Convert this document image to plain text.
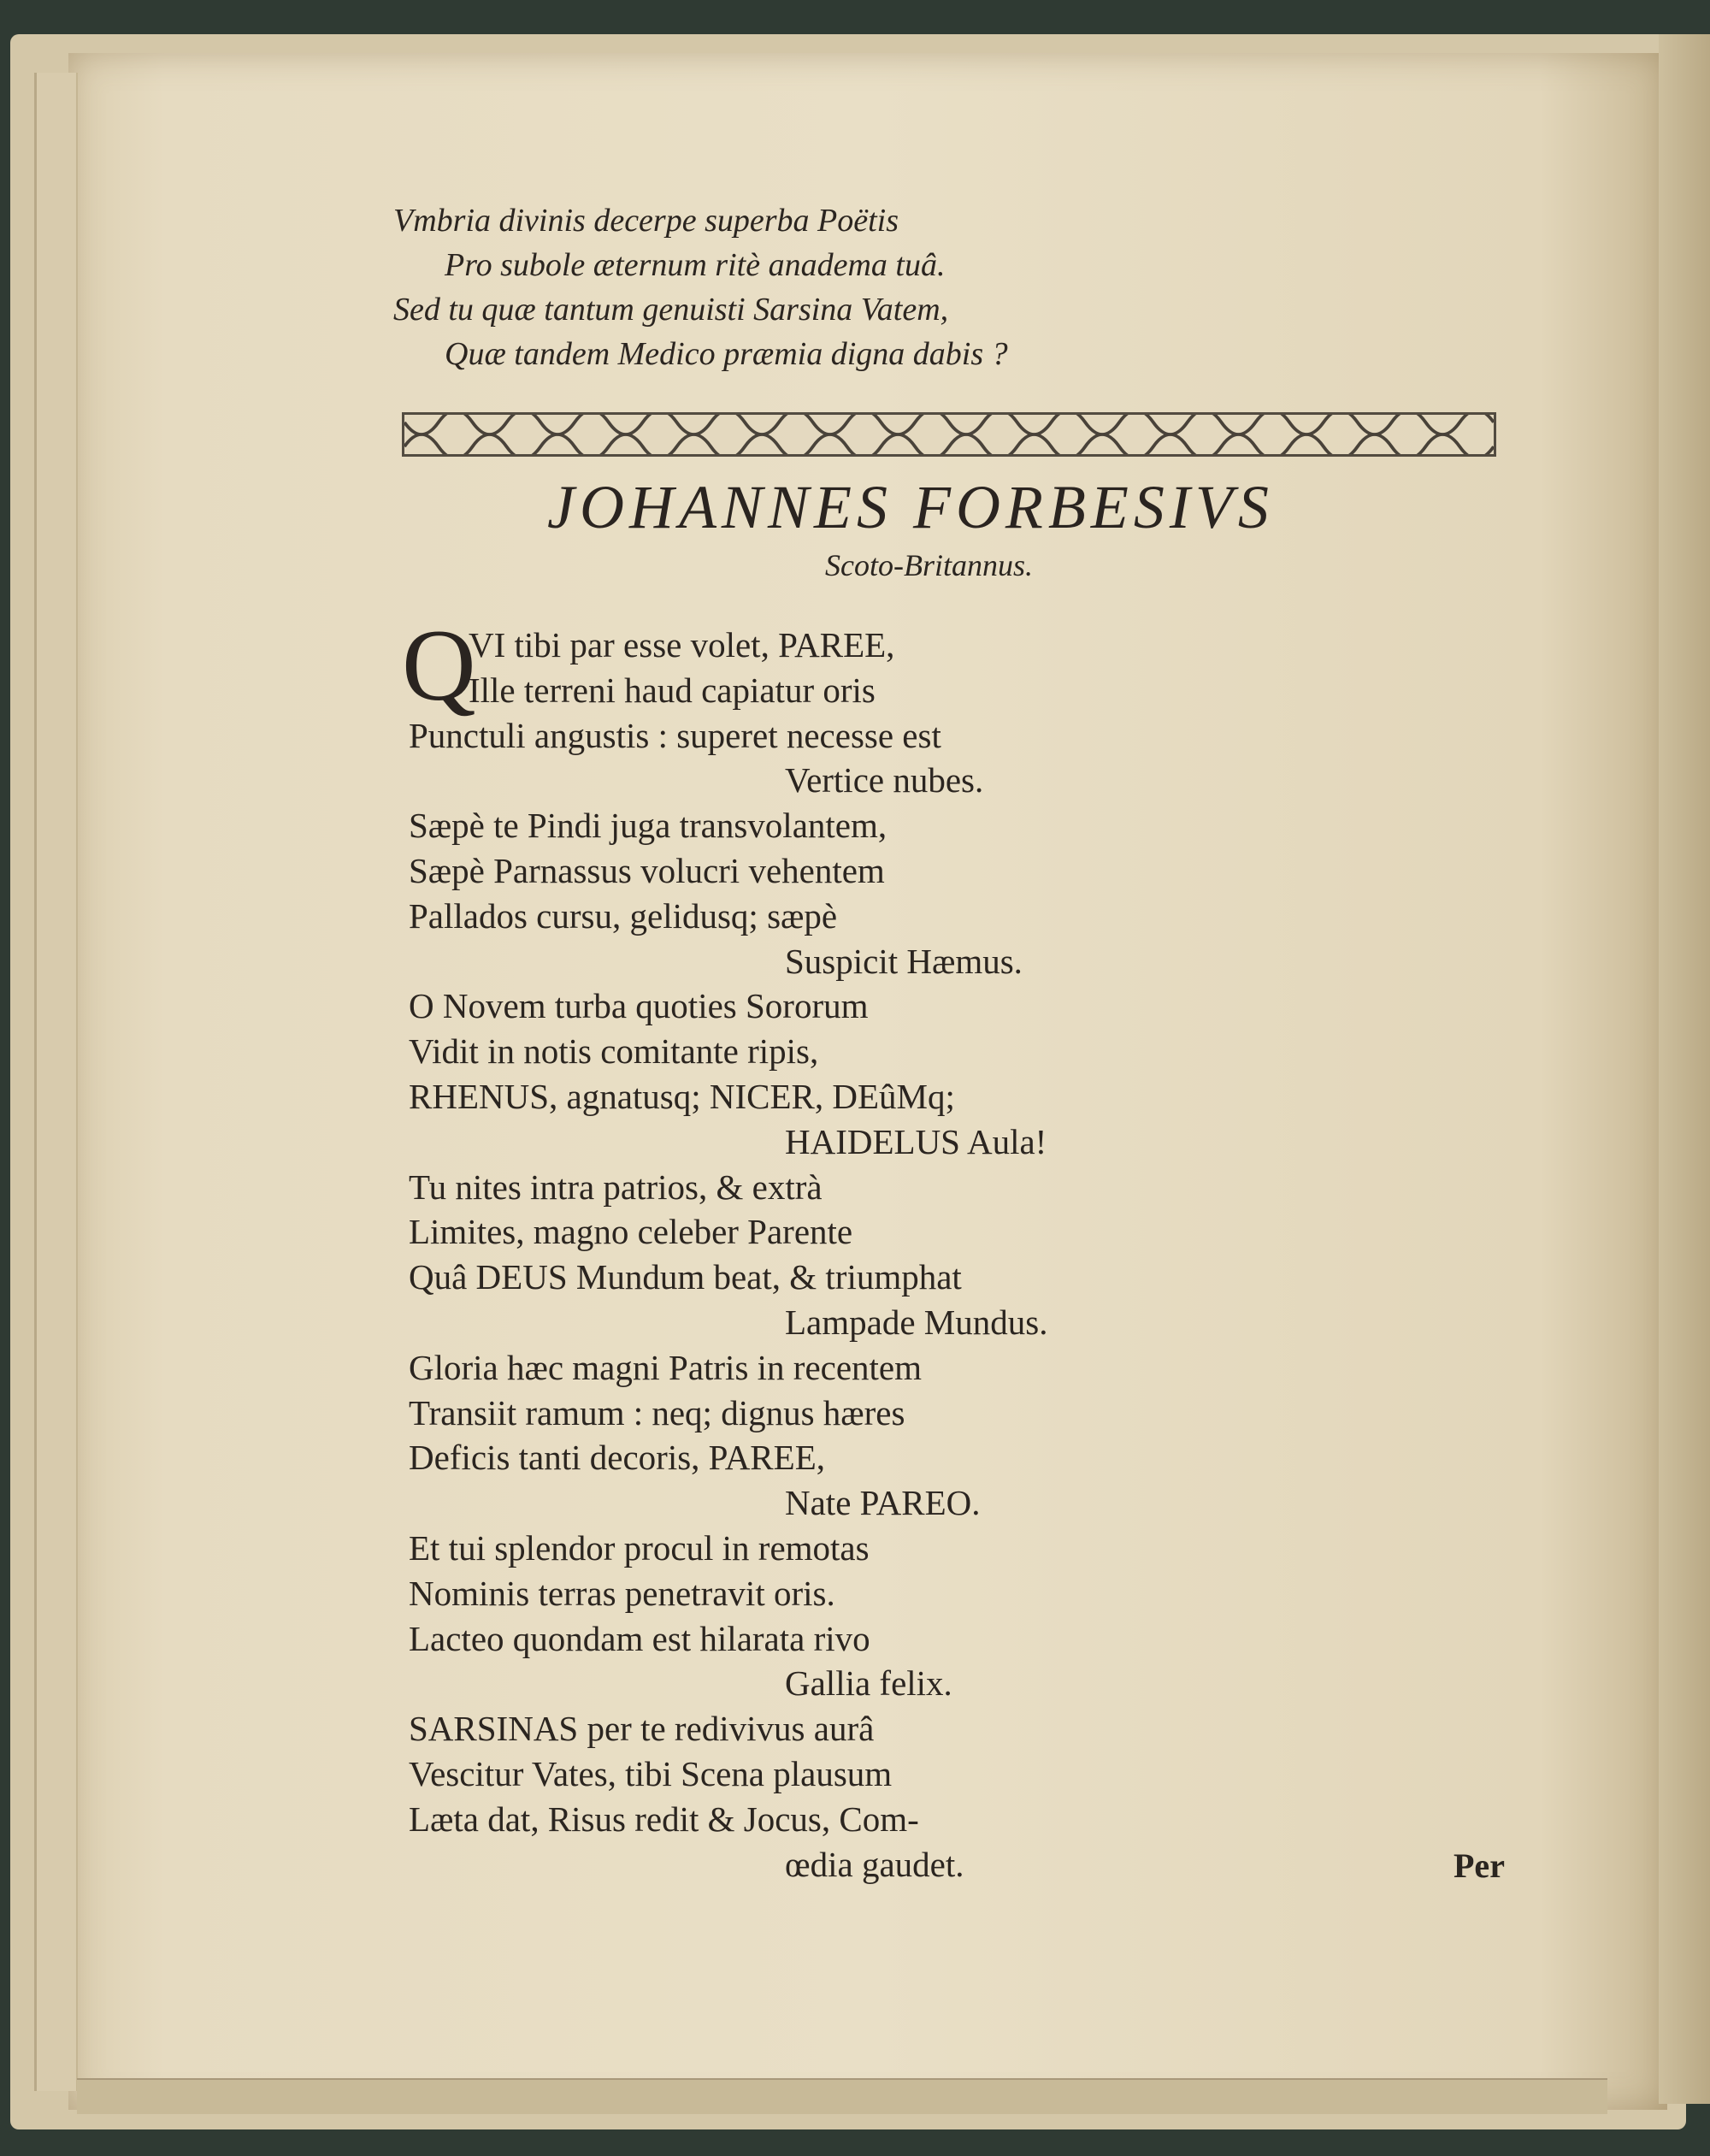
Vmbria divinis decerpe superba Poëtis
Pro subole æternum ritè anadema tuâ.
Sed tu quæ tantum genuisti Sarsina Vatem,
Quæ tandem Medico præmia digna dabis ?
JOHANNES FORBESIVS
Scoto-Britannus.
Q
VI tibi par esse volet, PAREE,
Ille terreni haud capiatur oris
Punctuli angustis : superet necesse est
Vertice nubes.
Sæpè te Pindi juga transvolantem,
Sæpè Parnassus volucri vehentem
Pallados cursu, gelidusq; sæpè
Suspicit Hæmus.
O Novem turba quoties Sororum
Vidit in notis comitante ripis,
RHENUS, agnatusq; NICER, DEûMq;
HAIDELUS Aula!
Tu nites intra patrios, & extrà
Limites, magno celeber Parente
Quâ DEUS Mundum beat, & triumphat
Lampade Mundus.
Gloria hæc magni Patris in recentem
Transiit ramum : neq; dignus hæres
Deficis tanti decoris, PAREE,
Nate PAREO.
Et tui splendor procul in remotas
Nominis terras penetravit oris.
Lacteo quondam est hilarata rivo
Gallia felix.
SARSINAS per te redivivus aurâ
Vescitur Vates, tibi Scena plausum
Læta dat, Risus redit & Jocus, Com-
œdia gaudet.	Per
